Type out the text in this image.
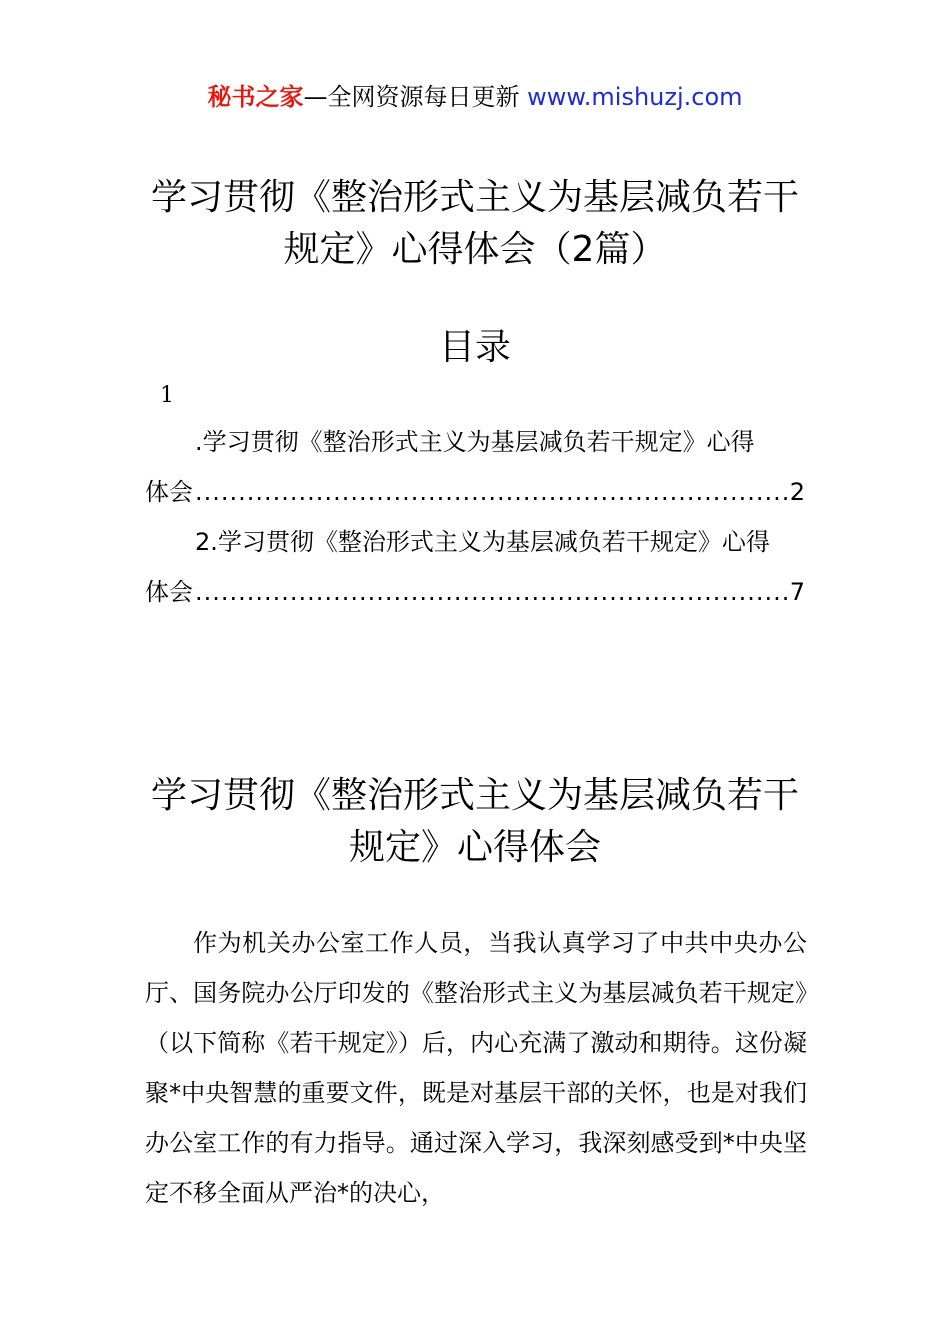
秘书之家—全网资源每日更新 www.mishuzj.com
学习贯彻《整治形式主义为基层减负若干
规定》心得体会（2篇）
目录
1
.学习贯彻《整治形式主义为基层减负若干规定》心得
体会 .....	2
2.学习贯彻《整治形式主义为基层减负若干规定》心得
体会 .....	7
学习贯彻《整治形式主义为基层减负若干
规定》心得体会

作为机关办公室工作人员，当我认真学习了中共中央办公厅、国务院办公厅印发的《整治形式主义为基层减负若干规定》（以下简称《若干规定》）后，内心充满了激动和期待。这份凝聚*中央智慧的重要文件，既是对基层干部的关怀，也是对我们办公室工作的有力指导。通过深入学习，我深刻感受到*中央坚定不移全面从严治*的决心，
